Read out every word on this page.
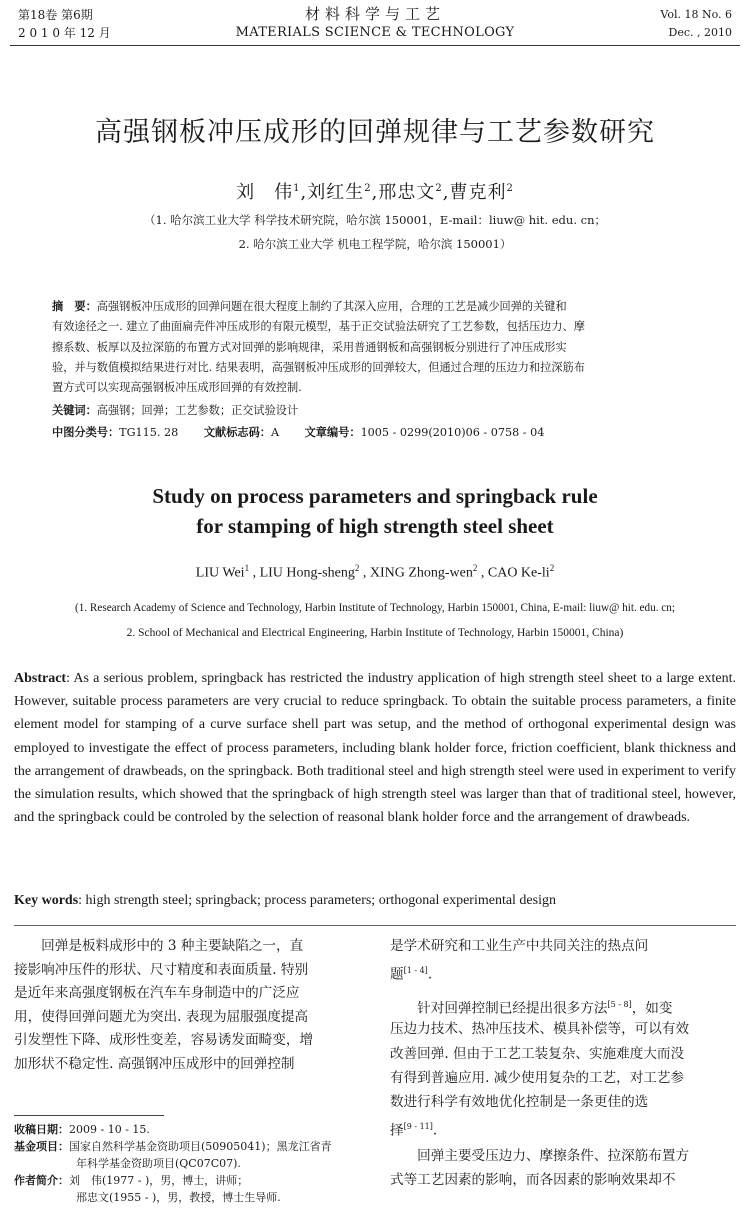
第18卷 第6期
2 0 1 0 年 12 月
材料科学与工艺
MATERIALS SCIENCE & TECHNOLOGY
Vol. 18 No. 6
Dec. , 2010
高强钢板冲压成形的回弹规律与工艺参数研究
刘　伟$^1$,刘红生$^2$,邢忠文$^2$,曹克利$^2$
（1. 哈尔滨工业大学 科学技术研究院，哈尔滨 150001，E-mail：liuw@ hit. edu. cn；
2. 哈尔滨工业大学 机电工程学院，哈尔滨 150001）
摘　要：高强钢板冲压成形的回弹问题在很大程度上制约了其深入应用，合理的工艺是减少回弹的关键和
有效途径之一. 建立了曲面扁壳件冲压成形的有限元模型，基于正交试验法研究了工艺参数，包括压边力、摩
擦系数、板厚以及拉深筋的布置方式对回弹的影响规律，采用普通钢板和高强钢板分别进行了冲压成形实
验，并与数值模拟结果进行对比. 结果表明，高强钢板冲压成形的回弹较大，但通过合理的压边力和拉深筋布
置方式可以实现高强钢板冲压成形回弹的有效控制.
关键词：高强钢；回弹；工艺参数；正交试验设计
中图分类号：TG115. 28 文献标志码：A 文章编号：1005 - 0299(2010)06 - 0758 - 04
Study on process parameters and springback rule
for stamping of high strength steel sheet
LIU Wei$^1$ , LIU Hong-sheng$^2$ , XING Zhong-wen$^2$ , CAO $Ke-li^2$
(1. Research Academy of Science and Technology, Harbin Institute of Technology, Harbin 150001, China, E-mail: liuw@ hit. edu. cn;
2. School of Mechanical and Electrical Engineering, Harbin Institute of Technology, Harbin 150001, China)
Abstract: As a serious problem, springback has restricted the industry application of high strength steel sheet to a large extent. However, suitable process parameters are very crucial to reduce springback. To obtain the suitable process parameters, a finite element model for stamping of a curve surface shell part was setup, and the method of orthogonal experimental design was employed to investigate the effect of process parameters, including blank holder force, friction coefficient, blank thickness and the arrangement of drawbeads, on the springback. Both traditional steel and high strength steel were used in experiment to verify the simulation results, which showed that the springback of high strength steel was larger than that of traditional steel, however, and the springback could be controled by the selection of reasonal blank holder force and the arrangement of drawbeads.
Key words: high strength steel; springback; process parameters; orthogonal experimental design
　　回弹是板料成形中的 3 种主要缺陷之一，直
接影响冲压件的形状、尺寸精度和表面质量. 特别
是近年来高强度钢板在汽车车身制造中的广泛应
用，使得回弹问题尤为突出. 表现为屈服强度提高
引发塑性下降、成形性变差，容易诱发面畸变，增
加形状不稳定性. 高强钢冲压成形中的回弹控制
收稿日期：2009 - 10 - 15.
基金项目：国家自然科学基金资助项目(50905041)；黑龙江省青
年科学基金资助项目(QC07C07).
作者简介：刘　伟(1977 - )，男，博士，讲师；
邢忠文(1955 - )，男，教授，博士生导师.
是学术研究和工业生产中共同关注的热点问
题[1 - 4].
　　针对回弹控制已经提出很多方法[5 - 8]，如变
压边力技术、热冲压技术、模具补偿等，可以有效
改善回弹. 但由于工艺工装复杂、实施难度大而没
有得到普遍应用. 减少使用复杂的工艺，对工艺参
数进行科学有效地优化控制是一条更佳的选
择[9 - 11].
　　回弹主要受压边力、摩擦条件、拉深筋布置方
式等工艺因素的影响，而各因素的影响效果却不
